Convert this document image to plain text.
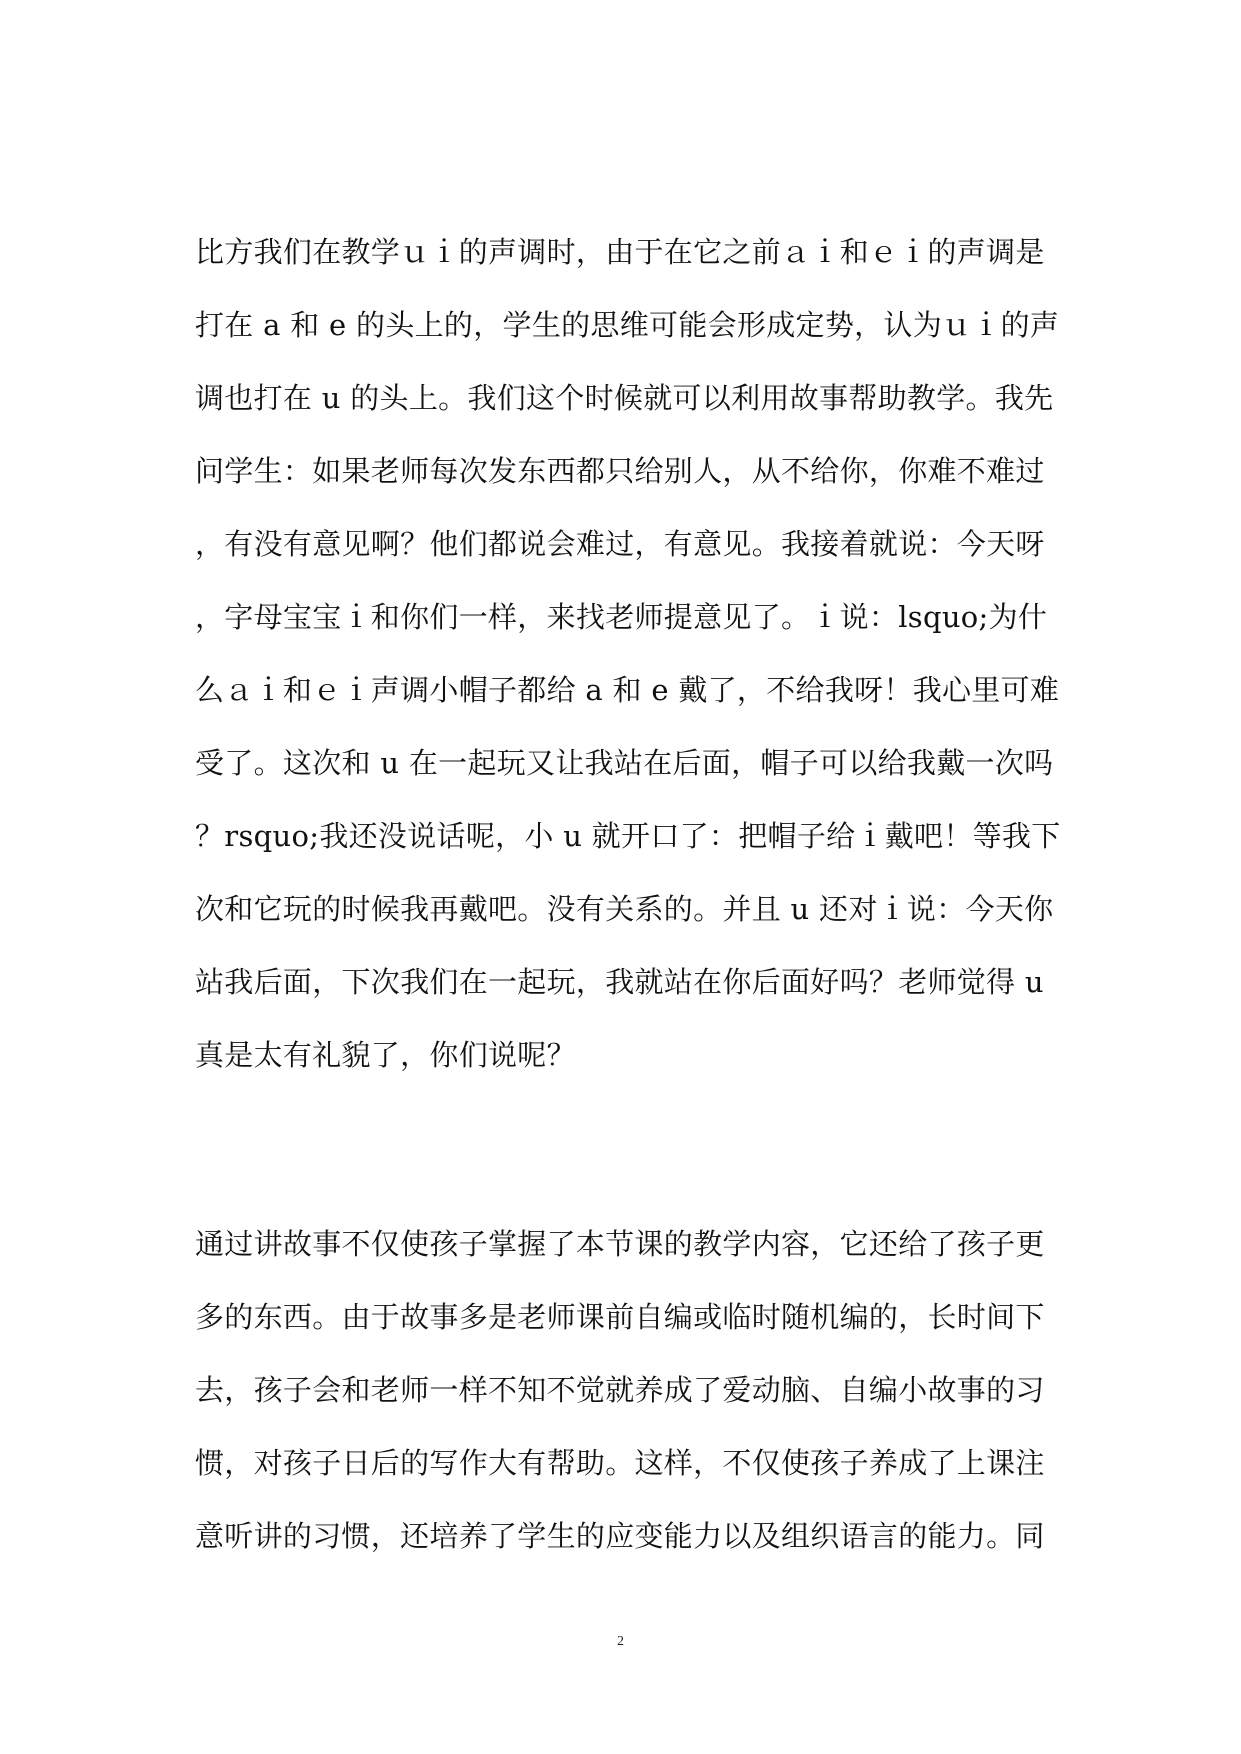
比方我们在教学ｕｉ的声调时，由于在它之前ａｉ和ｅｉ的声调是
打在 a 和 e 的头上的，学生的思维可能会形成定势，认为ｕｉ的声
调也打在 u 的头上。我们这个时候就可以利用故事帮助教学。我先
问学生：如果老师每次发东西都只给别人，从不给你，你难不难过
，有没有意见啊？他们都说会难过，有意见。我接着就说：今天呀
，字母宝宝ｉ和你们一样，来找老师提意见了。ｉ说：lsquo;为什
么ａｉ和ｅｉ声调小帽子都给 a 和 e 戴了，不给我呀！我心里可难
受了。这次和 u 在一起玩又让我站在后面，帽子可以给我戴一次吗
？rsquo;我还没说话呢，小 u 就开口了：把帽子给ｉ戴吧！等我下
次和它玩的时候我再戴吧。没有关系的。并且 u 还对ｉ说：今天你
站我后面，下次我们在一起玩，我就站在你后面好吗？老师觉得 u
真是太有礼貌了，你们说呢？
通过讲故事不仅使孩子掌握了本节课的教学内容，它还给了孩子更
多的东西。由于故事多是老师课前自编或临时随机编的，长时间下
去，孩子会和老师一样不知不觉就养成了爱动脑、自编小故事的习
惯，对孩子日后的写作大有帮助。这样，不仅使孩子养成了上课注
意听讲的习惯，还培养了学生的应变能力以及组织语言的能力。同
2
